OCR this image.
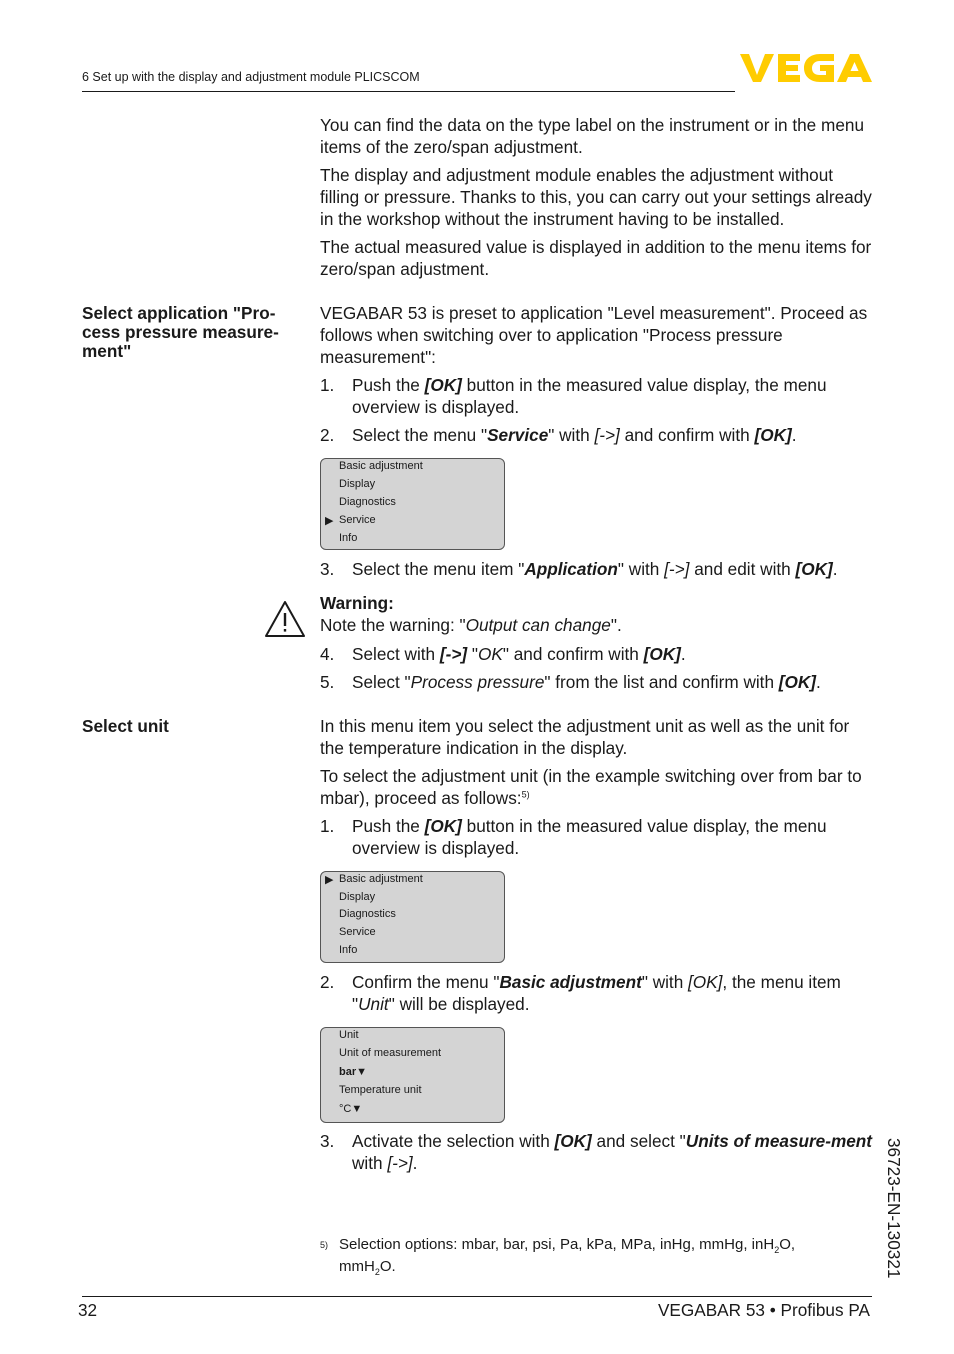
6 Set up with the display and adjustment module PLICSCOM
You can find the data on the type label on the instrument or in the menu items of the zero/span adjustment.
The display and adjustment module enables the adjustment without filling or pressure. Thanks to this, you can carry out your settings already in the workshop without the instrument having to be installed.
The actual measured value is displayed in addition to the menu items for zero/span adjustment.
Select application "Pro-cess pressure measure-ment"
VEGABAR 53 is preset to application "Level measurement". Proceed as follows when switching over to application "Process pressure measurement":
1.	Push the [OK] button in the measured value display, the menu overview is displayed.
2.	Select the menu "Service" with [->] and confirm with [OK].
Basic adjustment
Display
Diagnostics
▶ Service
Info
3.	Select the menu item "Application" with [->] and edit with [OK].
Warning:
Note the warning: "Output can change".
4.	Select with [->] "OK" and confirm with [OK].
5.	Select "Process pressure" from the list and confirm with [OK].
Select unit	In this menu item you select the adjustment unit as well as the unit for the temperature indication in the display.
To select the adjustment unit (in the example switching over from bar to mbar), proceed as follows:$^{5)}$
1.	Push the [OK] button in the measured value display, the menu overview is displayed.
▶ Basic adjustment
Display
Diagnostics
Service
Info
2.	Confirm the menu "Basic adjustment" with [OK], the menu item "Unit" will be displayed.
Unit
Unit of measurement
bar▼
Temperature unit
°C▼
3.	Activate the selection with [OK] and select "Units of measure-ment with [->].
5) Selection options: mbar, bar, psi, Pa, kPa, MPa, inHg, mmHg, inH$_2$O, mmH$_2$O.	36723-EN-130321
32	VEGABAR 53 • Profibus PA
